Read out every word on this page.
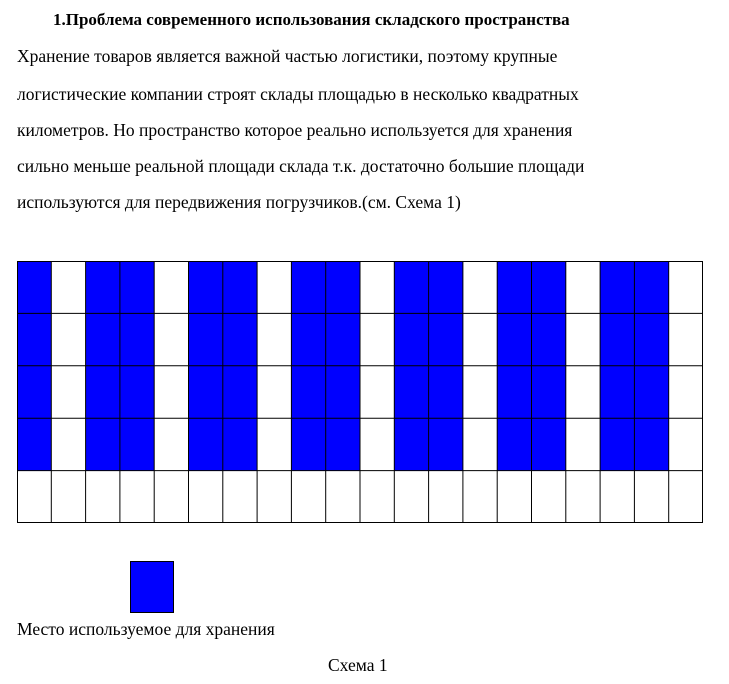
1.Проблема современного использования складского пространства
Хранение товаров является важной частью логистики, поэтому крупные
логистические компании строят склады площадью в несколько квадратных
километров. Но пространство которое реально используется для хранения
сильно меньше реальной площади склада т.к. достаточно большие площади
используются для передвижения погрузчиков.(см. Схема 1)
Место используемое для хранения
Схема 1
